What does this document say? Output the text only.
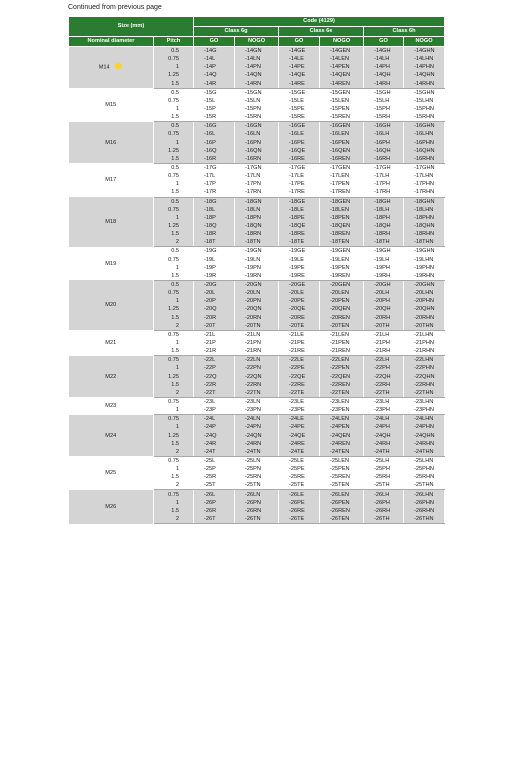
Continued from previous page
Size (mm)		Code (4129)					
		Class 6g		Class 6e		Class 6h	
Nominal diameter	Pitch	GO	NOGO	GO	NOGO	GO	NOGO
M14 ✹	0.5	-14G	-14GN	-14GE	-14GEN	-14GH	-14GHN
	0.75	-14L	-14LN	-14LE	-14LEN	-14LH	-14LHN
	1	-14P	-14PN	-14PE	-14PEN	-14PH	-14PHN
	1.25	-14Q	-14QN	-14QE	-14QEN	-14QH	-14QHN
	1.5	-14R	-14RN	-14RE	-14REN	-14RH	-14RHN
M15	0.5	-15G	-15GN	-15GE	-15GEN	-15GH	-15GHN
	0.75	-15L	-15LN	-15LE	-15LEN	-15LH	-15LHN
	1	-15P	-15PN	-15PE	-15PEN	-15PH	-15PHN
	1.5	-15R	-15RN	-15RE	-15REN	-15RH	-15RHN
M16	0.5	-16G	-16GN	-16GE	-16GEN	-16GH	-16GHN
	0.75	-16L	-16LN	-16LE	-16LEN	-16LH	-16LHN
	1	-16P	-16PN	-16PE	-16PEN	-16PH	-16PHN
	1.25	-16Q	-16QN	-16QE	-16QEN	-16QH	-16QHN
	1.5	-16R	-16RN	-16RE	-16REN	-16RH	-16RHN
M17	0.5	-17G	-17GN	-17GE	-17GEN	-17GH	-17GHN
	0.75	-17L	-17LN	-17LE	-17LEN	-17LH	-17LHN
	1	-17P	-17PN	-17PE	-17PEN	-17PH	-17PHN
	1.5	-17R	-17RN	-17RE	-17REN	-17RH	-17RHN
M18	0.5	-18G	-18GN	-18GE	-18GEN	-18GH	-18GHN
	0.75	-18L	-18LN	-18LE	-18LEN	-18LH	-18LHN
	1	-18P	-18PN	-18PE	-18PEN	-18PH	-18PHN
	1.25	-18Q	-18QN	-18QE	-18QEN	-18QH	-18QHN
	1.5	-18R	-18RN	-18RE	-18REN	-18RH	-18RHN
	2	-18T	-18TN	-18TE	-18TEN	-18TH	-18THN
M19	0.5	-19G	-19GN	-19GE	-19GEN	-19GH	-19GHN
	0.75	-19L	-19LN	-19LE	-19LEN	-19LH	-19LHN
	1	-19P	-19PN	-19PE	-19PEN	-19PH	-19PHN
	1.5	-19R	-19RN	-19RE	-19REN	-19RH	-19RHN
M20	0.5	-20G	-20GN	-20GE	-20GEN	-20GH	-20GHN
	0.75	-20L	-20LN	-20LE	-20LEN	-20LH	-20LHN
	1	-20P	-20PN	-20PE	-20PEN	-20PH	-20PHN
	1.25	-20Q	-20QN	-20QE	-20QEN	-20QH	-20QHN
	1.5	-20R	-20RN	-20RE	-20REN	-20RH	-20RHN
	2	-20T	-20TN	-20TE	-20TEN	-20TH	-20THN
M21	0.75	-21L	-21LN	-21LE	-21LEN	-21LH	-21LHN
	1	-21P	-21PN	-21PE	-21PEN	-21PH	-21PHN
	1.5	-21R	-21RN	-21RE	-21REN	-21RH	-21RHN
M22	0.75	-22L	-22LN	-22LE	-22LEN	-22LH	-22LHN
	1	-22P	-22PN	-22PE	-22PEN	-22PH	-22PHN
	1.25	-22Q	-22QN	-22QE	-22QEN	-22QH	-22QHN
	1.5	-22R	-22RN	-22RE	-22REN	-22RH	-22RHN
	2	-22T	-22TN	-22TE	-22TEN	-22TH	-22THN
M23	0.75	-23L	-23LN	-23LE	-23LEN	-23LH	-23LHN
	1	-23P	-23PN	-23PE	-23PEN	-23PH	-23PHN
M24	0.75	-24L	-24LN	-24LE	-24LEN	-24LH	-24LHN
	1	-24P	-24PN	-24PE	-24PEN	-24PH	-24PHN
	1.25	-24Q	-24QN	-24QE	-24QEN	-24QH	-24QHN
	1.5	-24R	-24RN	-24RE	-24REN	-24RH	-24RHN
	2	-24T	-24TN	-24TE	-24TEN	-24TH	-24THN
M25	0.75	-25L	-25LN	-25LE	-25LEN	-25LH	-25LHN
	1	-25P	-25PN	-25PE	-25PEN	-25PH	-25PHN
	1.5	-25R	-25RN	-25RE	-25REN	-25RH	-25RHN
	2	-25T	-25TN	-25TE	-25TEN	-25TH	-25THN
M26	0.75	-26L	-26LN	-26LE	-26LEN	-26LH	-26LHN
	1	-26P	-26PN	-26PE	-26PEN	-26PH	-26PHN
	1.5	-26R	-26RN	-26RE	-26REN	-26RH	-26RHN
	2	-26T	-26TN	-26TE	-26TEN	-26TH	-26THN
